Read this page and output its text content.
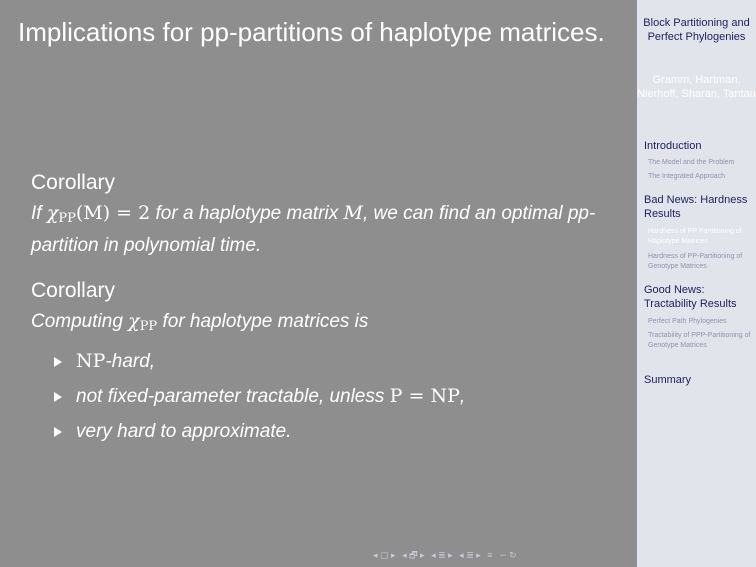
Implications for pp-partitions of haplotype matrices.
Corollary
If $\chi_{PP}(M) = 2$ for a haplotype matrix M, we can find an optimal pp-partition in polynomial time.
Corollary
Computing $\chi_{PP}$ for haplotype matrices is
NP-hard,
not fixed-parameter tractable, unless P = NP,
very hard to approximate.
◂ ▢ ▸ ◂ 🗗 ▸ ◂ ≣ ▸ ◂ ≣ ▸ ≡ ∽ ↻
Block Partitioning and Perfect Phylogenies
Gramm, Hartman, Nierhoff, Sharan, Tantau
Introduction
The Model and the Problem
The Integrated Approach
Bad News: Hardness Results
Hardness of PP Partitioning of Haplotype Matrices
Hardness of PP-Partitioning of Genotype Matrices
Good News: Tractability Results
Perfect Path Phylogenies
Tractability of PPP-Partitioning of Genotype Matrices
Summary
